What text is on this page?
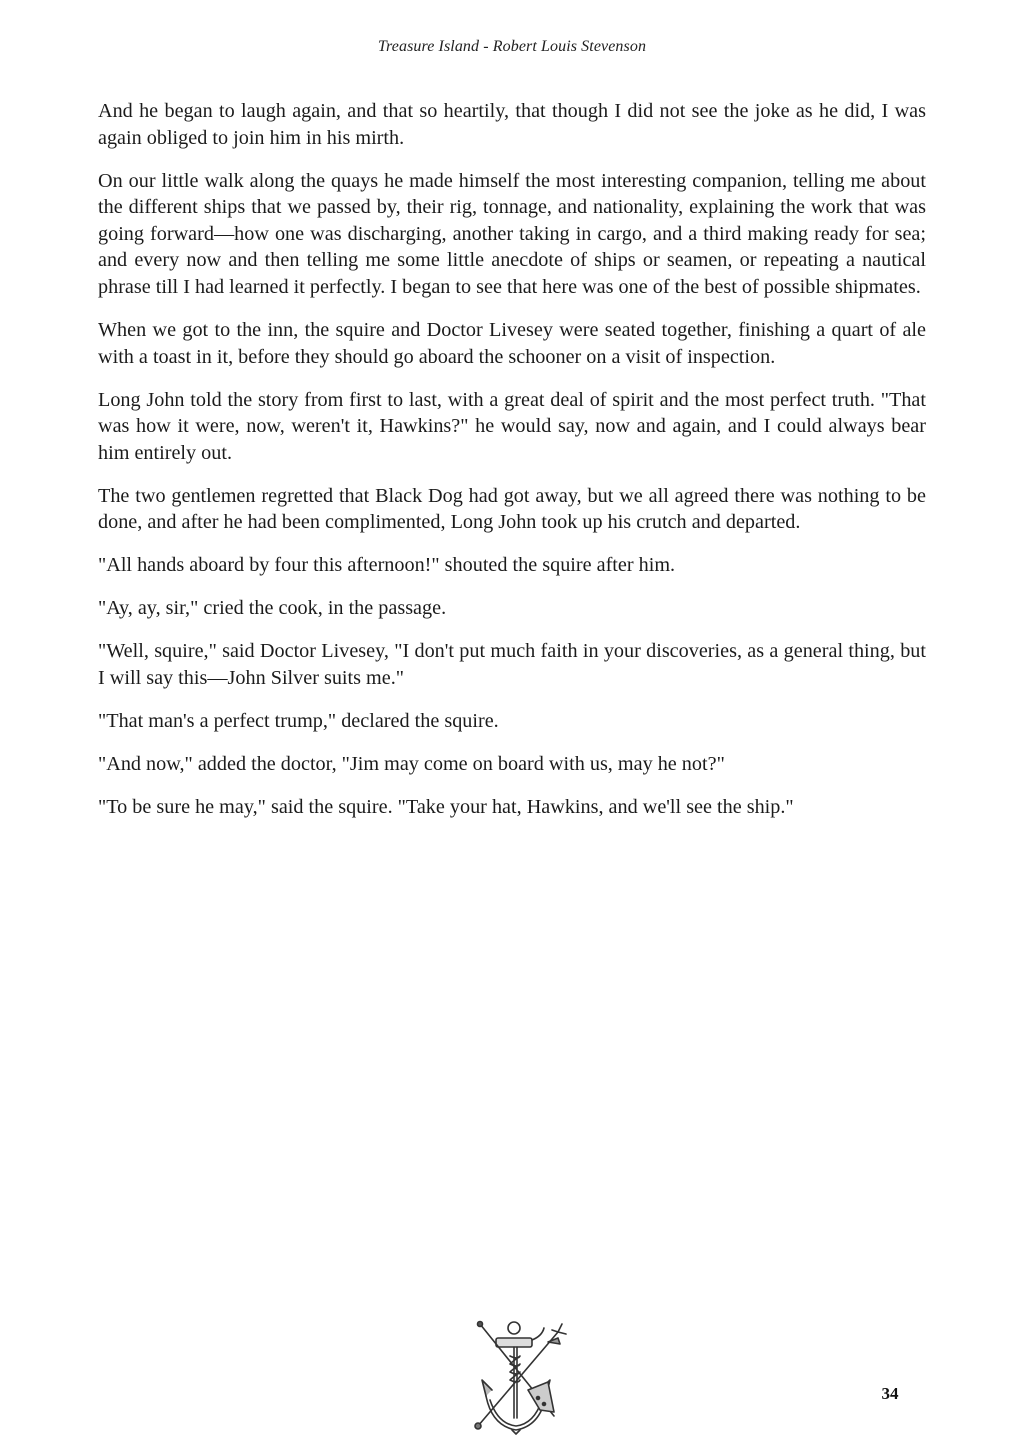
Treasure Island - Robert Louis Stevenson

And he began to laugh again, and that so heartily, that though I did not see the joke as he did, I was again obliged to join him in his mirth.

On our little walk along the quays he made himself the most interesting companion, telling me about the different ships that we passed by, their rig, tonnage, and nationality, explaining the work that was going forward—how one was discharging, another taking in cargo, and a third making ready for sea; and every now and then telling me some little anecdote of ships or seamen, or repeating a nautical phrase till I had learned it perfectly. I began to see that here was one of the best of possible shipmates.

When we got to the inn, the squire and Doctor Livesey were seated together, finishing a quart of ale with a toast in it, before they should go aboard the schooner on a visit of inspection.

Long John told the story from first to last, with a great deal of spirit and the most perfect truth. "That was how it were, now, weren't it, Hawkins?" he would say, now and again, and I could always bear him entirely out.

The two gentlemen regretted that Black Dog had got away, but we all agreed there was nothing to be done, and after he had been complimented, Long John took up his crutch and departed.

"All hands aboard by four this afternoon!" shouted the squire after him.

"Ay, ay, sir," cried the cook, in the passage.

"Well, squire," said Doctor Livesey, "I don't put much faith in your discoveries, as a general thing, but I will say this—John Silver suits me."

"That man's a perfect trump," declared the squire.

"And now," added the doctor, "Jim may come on board with us, may he not?"

"To be sure he may," said the squire. "Take your hat, Hawkins, and we'll see the ship."

34
